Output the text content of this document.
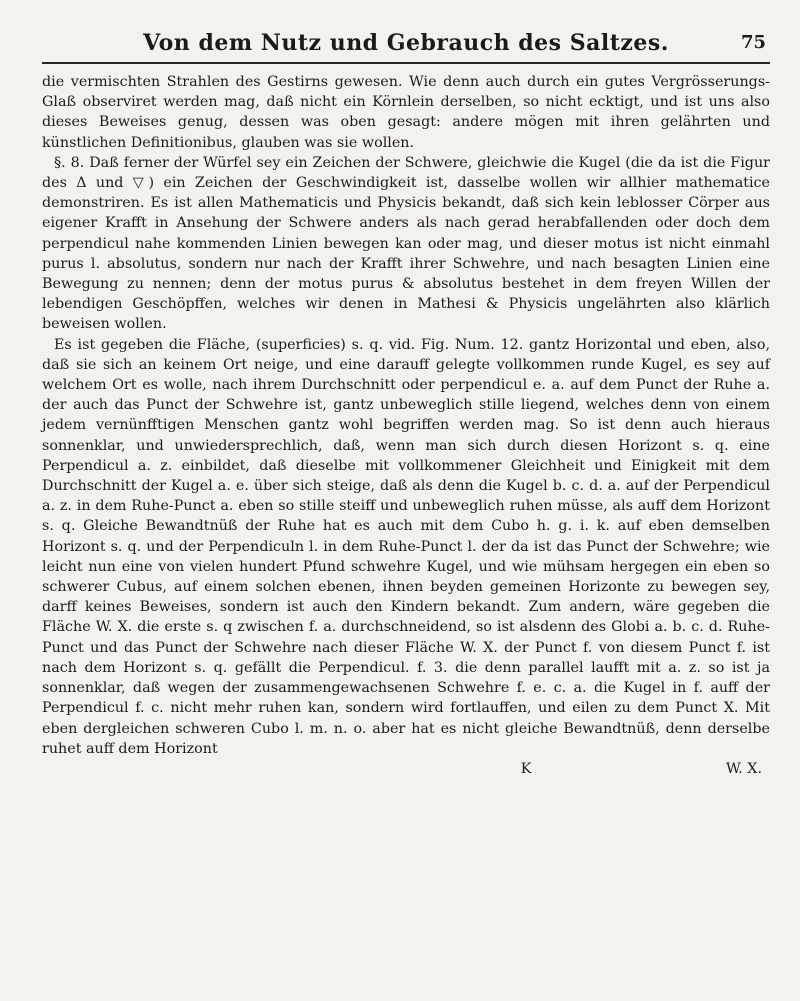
Von dem Nutz und Gebrauch des Saltzes.	75

die vermischten Strahlen des Gestirns gewesen. Wie denn auch durch ein gutes Vergrösserungs-Glaß observiret werden mag, daß nicht ein Körnlein derselben, so nicht ecktigt, und ist uns also dieses Beweises genug, dessen was oben gesagt: andere mögen mit ihren gelährten und künstlichen Definitionibus, glauben was sie wollen.

§. 8. Daß ferner der Würfel sey ein Zeichen der Schwere, gleichwie die Kugel (die da ist die Figur des Δ und ▽) ein Zeichen der Geschwindigkeit ist, dasselbe wollen wir allhier mathematice demonstriren. Es ist allen Mathematicis und Physicis bekandt, daß sich kein leblosser Cörper aus eigener Krafft in Ansehung der Schwere anders als nach gerad herabfallenden oder doch dem perpendicul nahe kommenden Linien bewegen kan oder mag, und dieser motus ist nicht einmahl purus l. absolutus, sondern nur nach der Krafft ihrer Schwehre, und nach besagten Linien eine Bewegung zu nennen; denn der motus purus & absolutus bestehet in dem freyen Willen der lebendigen Geschöpffen, welches wir denen in Mathesi & Physicis ungelährten also klärlich beweisen wollen.

Es ist gegeben die Fläche, (superficies) s. q. vid. Fig. Num. 12. gantz Horizontal und eben, also, daß sie sich an keinem Ort neige, und eine darauff gelegte vollkommen runde Kugel, es sey auf welchem Ort es wolle, nach ihrem Durchschnitt oder perpendicul e. a. auf dem Punct der Ruhe a. der auch das Punct der Schwehre ist, gantz unbeweglich stille liegend, welches denn von einem jedem vernünfftigen Menschen gantz wohl begriffen werden mag. So ist denn auch hieraus sonnenklar, und unwiedersprechlich, daß, wenn man sich durch diesen Horizont s. q. eine Perpendicul a. z. einbildet, daß dieselbe mit vollkommener Gleichheit und Einigkeit mit dem Durchschnitt der Kugel a. e. über sich steige, daß als denn die Kugel b. c. d. a. auf der Perpendicul a. z. in dem Ruhe-Punct a. eben so stille steiff und unbeweglich ruhen müsse, als auff dem Horizont s. q. Gleiche Bewandtnüß der Ruhe hat es auch mit dem Cubo h. g. i. k. auf eben demselben Horizont s. q. und der Perpendiculn l. in dem Ruhe-Punct l. der da ist das Punct der Schwehre; wie leicht nun eine von vielen hundert Pfund schwehre Kugel, und wie mühsam hergegen ein eben so schwerer Cubus, auf einem solchen ebenen, ihnen beyden gemeinen Horizonte zu bewegen sey, darff keines Beweises, sondern ist auch den Kindern bekandt. Zum andern, wäre gegeben die Fläche W. X. die erste s. q zwischen f. a. durchschneidend, so ist alsdenn des Globi a. b. c. d. Ruhe-Punct und das Punct der Schwehre nach dieser Fläche W. X. der Punct f. von diesem Punct f. ist nach dem Horizont s. q. gefällt die Perpendicul. f. 3. die denn parallel laufft mit a. z. so ist ja sonnenklar, daß wegen der zusammengewachsenen Schwehre f. e. c. a. die Kugel in f. auff der Perpendicul f. c. nicht mehr ruhen kan, sondern wird fortlauffen, und eilen zu dem Punct X. Mit eben dergleichen schweren Cubo l. m. n. o. aber hat es nicht gleiche Bewandtnüß, denn derselbe ruhet auff dem Horizont

K	W. X.
